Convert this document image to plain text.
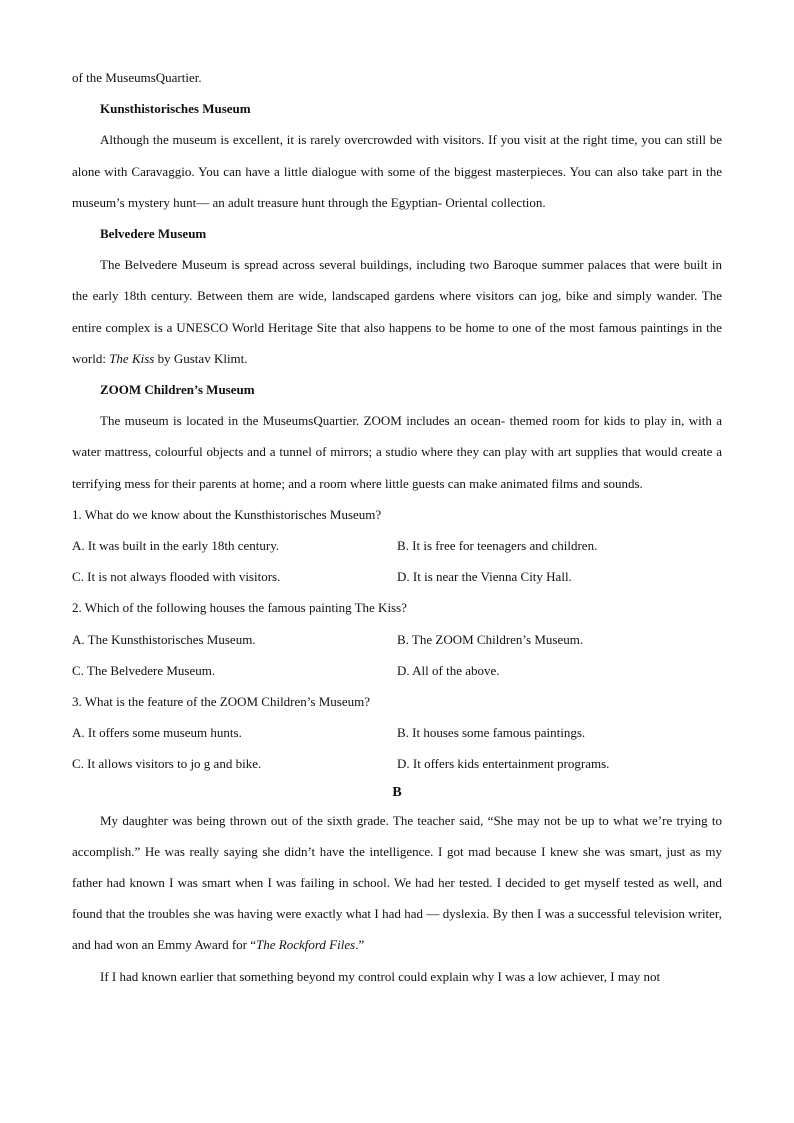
of the MuseumsQuartier.

Kunsthistorisches Museum

Although the museum is excellent, it is rarely overcrowded with visitors. If you visit at the right time, you can still be alone with Caravaggio. You can have a little dialogue with some of the biggest masterpieces. You can also take part in the museum’s mystery hunt— an adult treasure hunt through the Egyptian- Oriental collection.

Belvedere Museum

The Belvedere Museum is spread across several buildings, including two Baroque summer palaces that were built in the early 18th century. Between them are wide, landscaped gardens where visitors can jog, bike and simply wander. The entire complex is a UNESCO World Heritage Site that also happens to be home to one of the most famous paintings in the world: The Kiss by Gustav Klimt.

ZOOM Children’s Museum

The museum is located in the MuseumsQuartier. ZOOM includes an ocean- themed room for kids to play in, with a water mattress, colourful objects and a tunnel of mirrors; a studio where they can play with art supplies that would create a terrifying mess for their parents at home; and a room where little guests can make animated films and sounds.

1. What do we know about the Kunsthistorisches Museum?

A. It was built in the early 18th century.	B. It is free for teenagers and children.
C. It is not always flooded with visitors.	D. It is near the Vienna City Hall.

2. Which of the following houses the famous painting The Kiss?

A. The Kunsthistorisches Museum.	B. The ZOOM Children’s Museum.
C. The Belvedere Museum.	D. All of the above.

3. What is the feature of the ZOOM Children’s Museum?

A. It offers some museum hunts.	B. It houses some famous paintings.
C. It allows visitors to jo g and bike.	D. It offers kids entertainment programs.

B

My daughter was being thrown out of the sixth grade. The teacher said, “She may not be up to what we’re trying to accomplish.” He was really saying she didn’t have the intelligence. I got mad because I knew she was smart, just as my father had known I was smart when I was failing in school. We had her tested. I decided to get myself tested as well, and found that the troubles she was having were exactly what I had had — dyslexia. By then I was a successful television writer, and had won an Emmy Award for “The Rockford Files.”

If I had known earlier that something beyond my control could explain why I was a low achiever, I may not
